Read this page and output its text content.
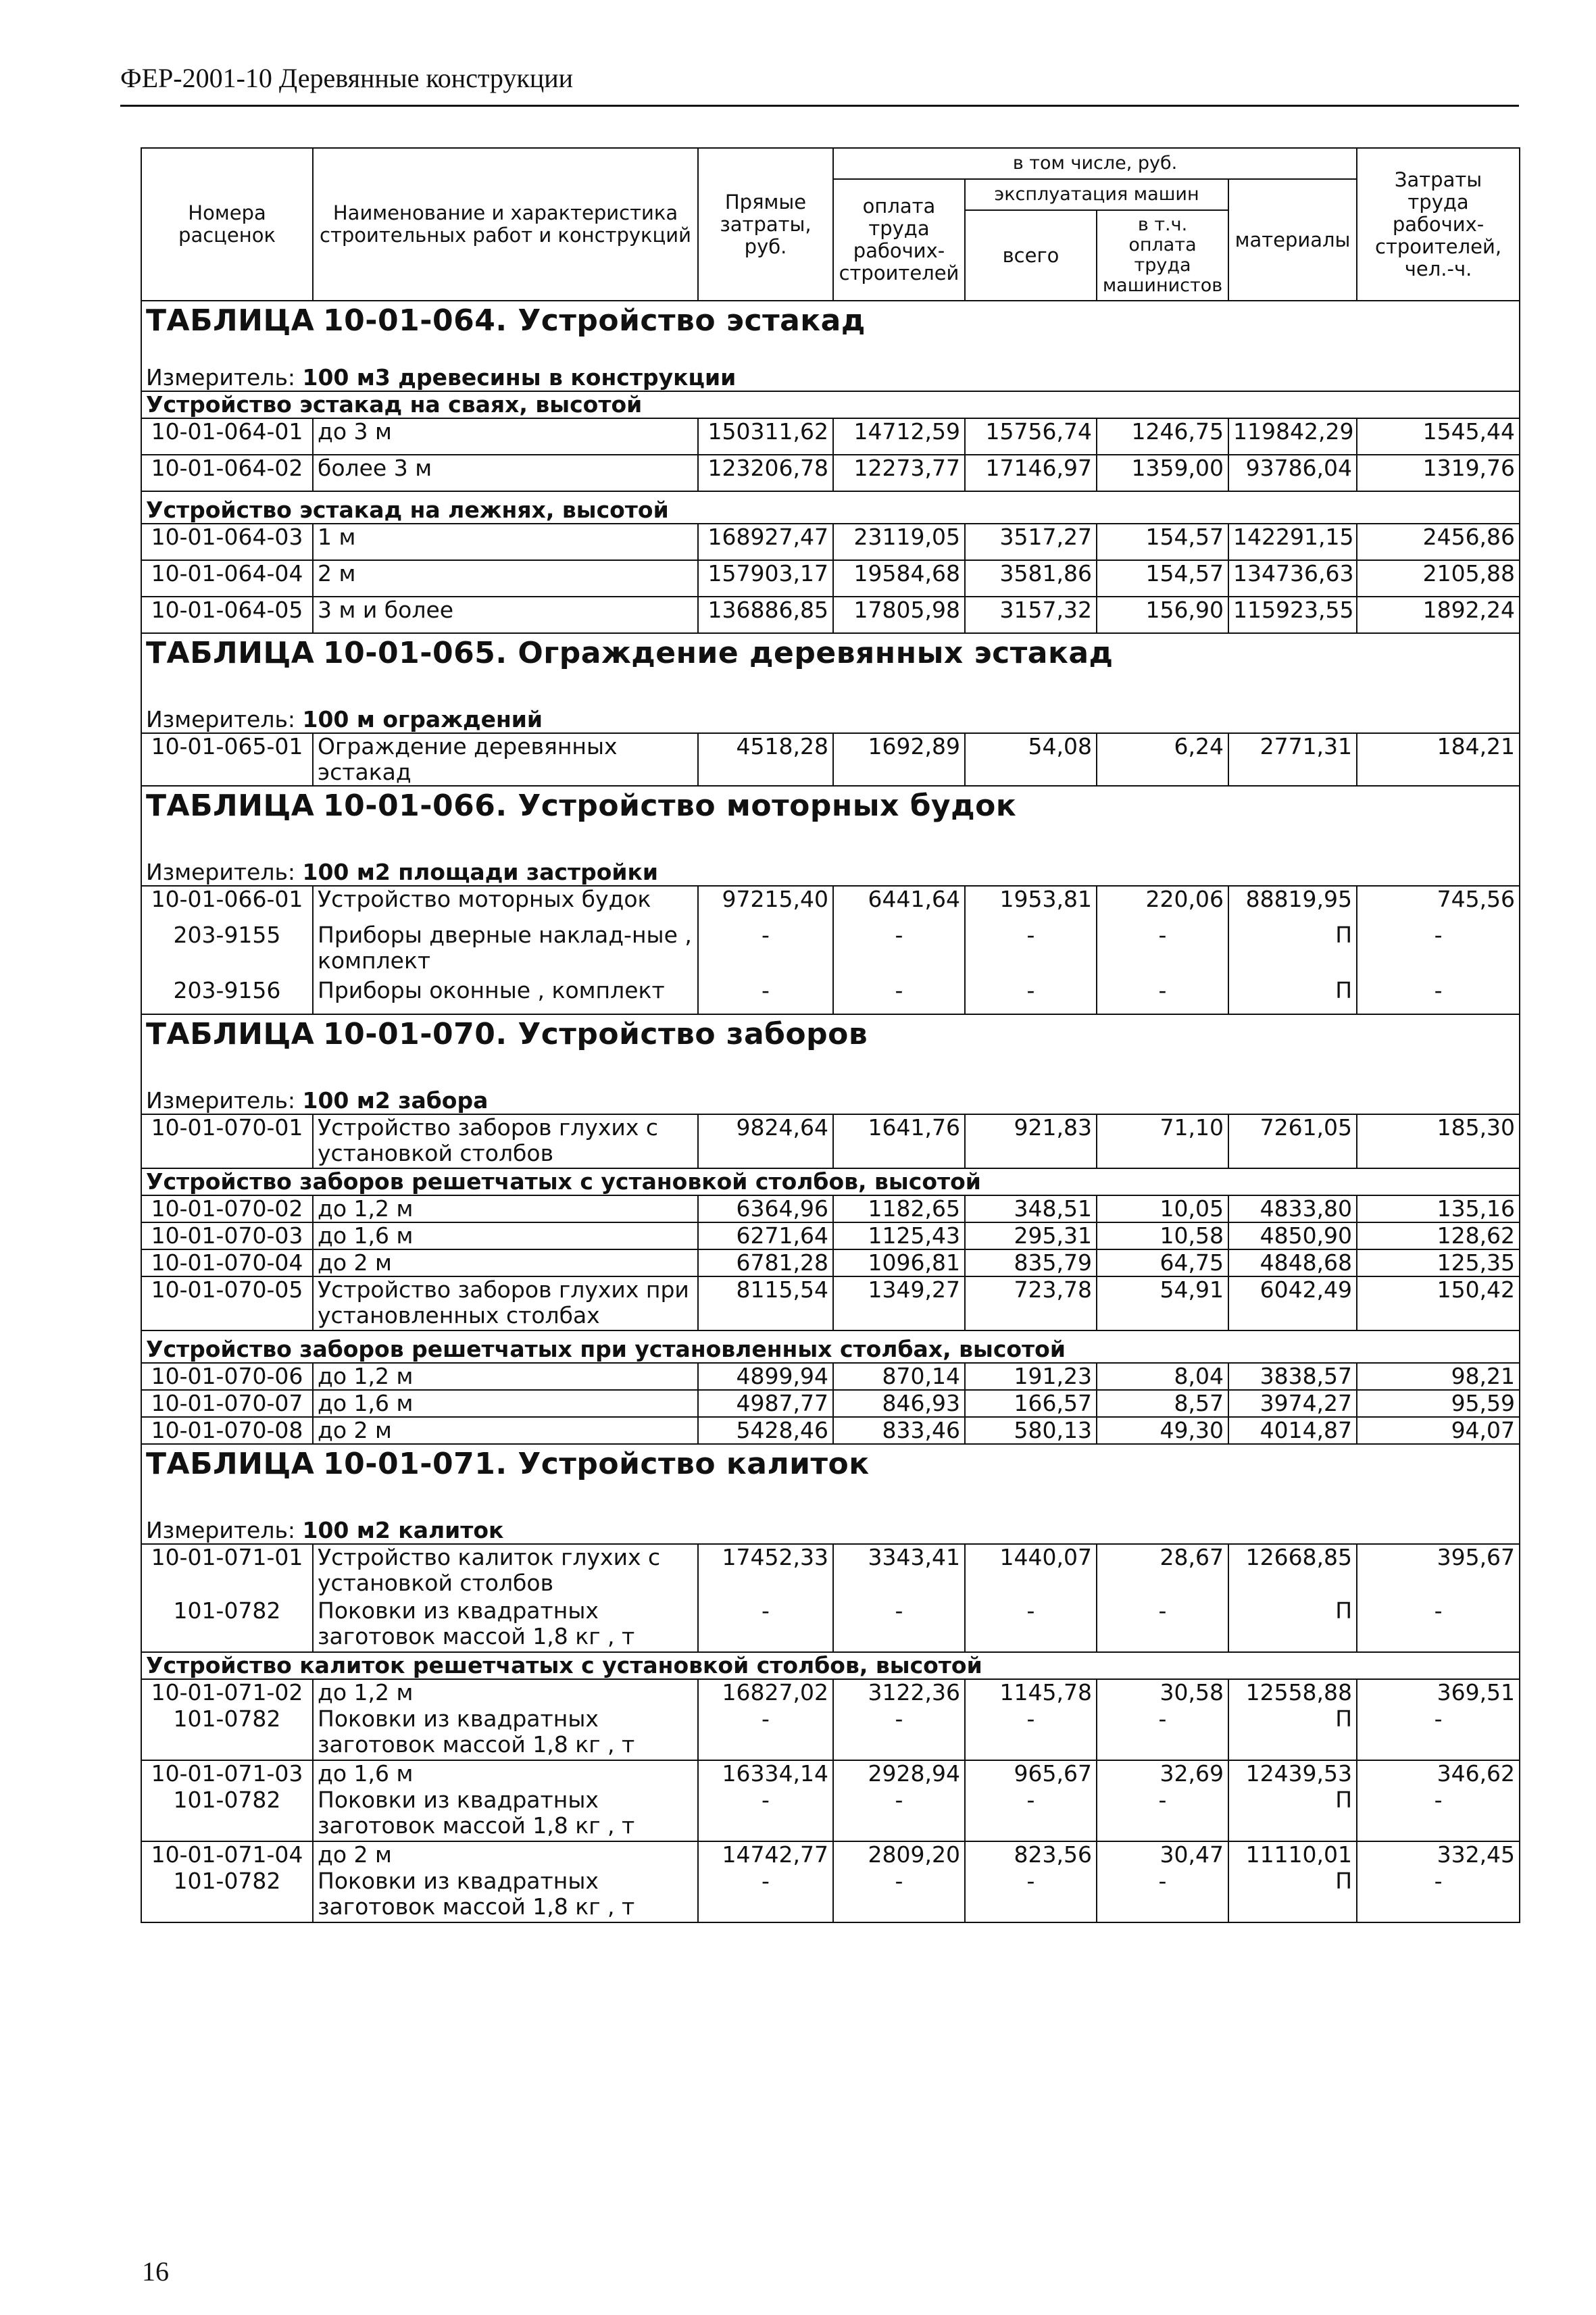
ФЕР-2001-10 Деревянные конструкции
Номера расценок	Наименование и характеристика строительных работ и конструкций	Прямые затраты, руб.	в том числе, руб.				Затраты труда рабочих-строителей, чел.-ч.
			оплата труда рабочих-строителей	эксплуатация машин		материалы	
				всего	в т.ч. оплата труда машинистов		

ТАБЛИЦА 10-01-064. Устройство эстакад							

Измеритель: 100 м3 древесины в конструкции							
Устройство эстакад на сваях, высотой							
10-01-064-01	до 3 м	150311,62	14712,59	15756,74	1246,75	119842,29	1545,44
10-01-064-02	более 3 м	123206,78	12273,77	17146,97	1359,00	93786,04	1319,76
Устройство эстакад на лежнях, высотой							
10-01-064-03	1 м	168927,47	23119,05	3517,27	154,57	142291,15	2456,86
10-01-064-04	2 м	157903,17	19584,68	3581,86	154,57	134736,63	2105,88
10-01-064-05	3 м и более	136886,85	17805,98	3157,32	156,90	115923,55	1892,24

ТАБЛИЦА 10-01-065. Ограждение деревянных эстакад							

Измеритель: 100 м ограждений							
10-01-065-01	Ограждение деревянных эстакад	4518,28	1692,89	54,08	6,24	2771,31	184,21

ТАБЛИЦА 10-01-066. Устройство моторных будок							

Измеритель: 100 м2 площади застройки							
10-01-066-01	Устройство моторных будок	97215,40	6441,64	1953,81	220,06	88819,95	745,56
203-9155	Приборы дверные наклад-ные , комплект	-	-	-	-	П	-
203-9156	Приборы оконные , комплект	-	-	-	-	П	-

ТАБЛИЦА 10-01-070. Устройство заборов							

Измеритель: 100 м2 забора							
10-01-070-01	Устройство заборов глухих с установкой столбов	9824,64	1641,76	921,83	71,10	7261,05	185,30
Устройство заборов решетчатых с установкой столбов, высотой							
10-01-070-02	до 1,2 м	6364,96	1182,65	348,51	10,05	4833,80	135,16
10-01-070-03	до 1,6 м	6271,64	1125,43	295,31	10,58	4850,90	128,62
10-01-070-04	до 2 м	6781,28	1096,81	835,79	64,75	4848,68	125,35
10-01-070-05	Устройство заборов глухих при установленных столбах	8115,54	1349,27	723,78	54,91	6042,49	150,42
Устройство заборов решетчатых при установленных столбах, высотой							
10-01-070-06	до 1,2 м	4899,94	870,14	191,23	8,04	3838,57	98,21
10-01-070-07	до 1,6 м	4987,77	846,93	166,57	8,57	3974,27	95,59
10-01-070-08	до 2 м	5428,46	833,46	580,13	49,30	4014,87	94,07

ТАБЛИЦА 10-01-071. Устройство калиток							

Измеритель: 100 м2 калиток							
10-01-071-01	Устройство калиток глухих с установкой столбов	17452,33	3343,41	1440,07	28,67	12668,85	395,67
101-0782	Поковки из квадратных заготовок массой 1,8 кг , т	-	-	-	-	П	-
Устройство калиток решетчатых с установкой столбов, высотой							
10-01-071-02	до 1,2 м	16827,02	3122,36	1145,78	30,58	12558,88	369,51
101-0782	Поковки из квадратных заготовок массой 1,8 кг , т	-	-	-	-	П	-
10-01-071-03	до 1,6 м	16334,14	2928,94	965,67	32,69	12439,53	346,62
101-0782	Поковки из квадратных заготовок массой 1,8 кг , т	-	-	-	-	П	-
10-01-071-04	до 2 м	14742,77	2809,20	823,56	30,47	11110,01	332,45
101-0782	Поковки из квадратных заготовок массой 1,8 кг , т	-	-	-	-	П	-
16
